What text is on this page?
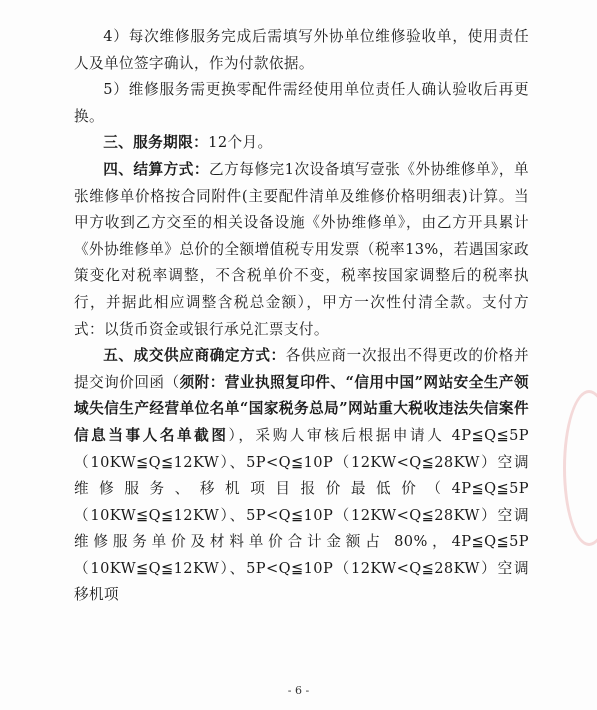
4）每次维修服务完成后需填写外协单位维修验收单，使用责任人及单位签字确认，作为付款依据。

5）维修服务需更换零配件需经使用单位责任人确认验收后再更换。

三、服务期限：12个月。

四、结算方式：乙方每修完1次设备填写壹张《外协维修单》，单张维修单价格按合同附件(主要配件清单及维修价格明细表)计算。当甲方收到乙方交至的相关设备设施《外协维修单》，由乙方开具累计《外协维修单》总价的全额增值税专用发票（税率13%，若遇国家政策变化对税率调整，不含税单价不变，税率按国家调整后的税率执行，并据此相应调整含税总金额），甲方一次性付清全款。支付方式：以货币资金或银行承兑汇票支付。

五、成交供应商确定方式：各供应商一次报出不得更改的价格并提交询价回函（须附：营业执照复印件、“信用中国”网站安全生产领域失信生产经营单位名单“国家税务总局”网站重大税收违法失信案件信息当事人名单截图），采购人审核后根据申请人 4P≦Q≦5P（10KW≦Q≦12KW）、5P<Q≦10P（12KW<Q≦28KW）空调维修服务、移机项目报价最低价（4P≦Q≦5P（10KW≦Q≦12KW）、5P<Q≦10P（12KW<Q≦28KW）空调维修服务单价及材料单价合计金额占 80%，4P≦Q≦5P（10KW≦Q≦12KW）、5P<Q≦10P（12KW<Q≦28KW）空调移机项

- 6 -
